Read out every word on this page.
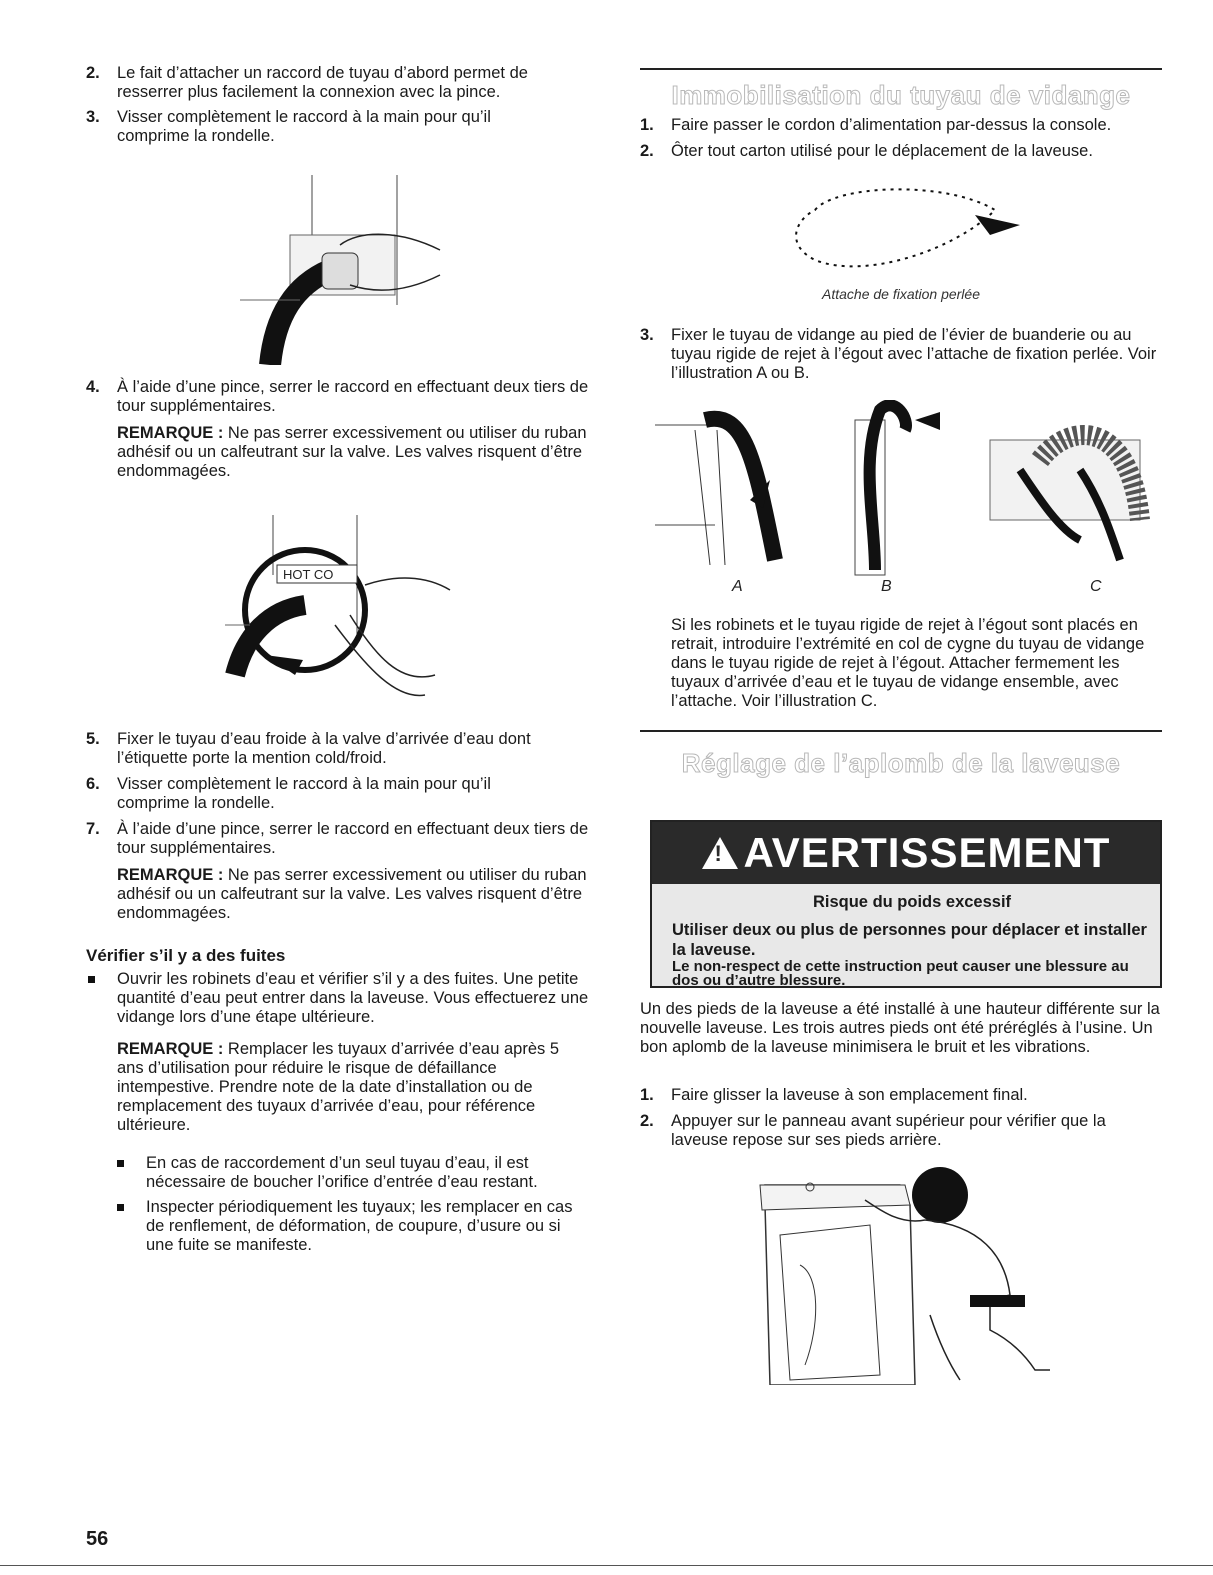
2. Le fait d’attacher un raccord de tuyau d’abord permet de resserrer plus facilement la connexion avec la pince.

3. Visser complètement le raccord à la main pour qu’il comprime la rondelle.

4. À l’aide d’une pince, serrer le raccord en effectuant deux tiers de tour supplémentaires.

REMARQUE : Ne pas serrer excessivement ou utiliser du ruban adhésif ou un calfeutrant sur la valve. Les valves risquent d’être endommagées.

HOT CO
5. Fixer le tuyau d’eau froide à la valve d’arrivée d’eau dont l’étiquette porte la mention cold/froid.

6. Visser complètement le raccord à la main pour qu’il comprime la rondelle.

7. À l’aide d’une pince, serrer le raccord en effectuant deux tiers de tour supplémentaires.

REMARQUE : Ne pas serrer excessivement ou utiliser du ruban adhésif ou un calfeutrant sur la valve. Les valves risquent d’être endommagées.

Vérifier s’il y a des fuites

Ouvrir les robinets d’eau et vérifier s’il y a des fuites. Une petite quantité d’eau peut entrer dans la laveuse. Vous effectuerez une vidange lors d’une étape ultérieure.

REMARQUE : Remplacer les tuyaux d’arrivée d’eau après 5 ans d’utilisation pour réduire le risque de défaillance intempestive. Prendre note de la date d’installation ou de remplacement des tuyaux d’arrivée d’eau, pour référence ultérieure.

En cas de raccordement d’un seul tuyau d’eau, il est nécessaire de boucher l’orifice d’entrée d’eau restant.

Inspecter périodiquement les tuyaux; les remplacer en cas de renflement, de déformation, de coupure, d’usure ou si une fuite se manifeste.

Immobilisation du tuyau de vidange
1. Faire passer le cordon d’alimentation par-dessus la console.

2. Ôter tout carton utilisé pour le déplacement de la laveuse.

Attache de fixation perlée

3. Fixer le tuyau de vidange au pied de l’évier de buanderie ou au tuyau rigide de rejet à l’égout avec l’attache de fixation perlée. Voir l’illustration A ou B.

A	B	C

Si les robinets et le tuyau rigide de rejet à l’égout sont placés en retrait, introduire l’extrémité en col de cygne du tuyau de vidange dans le tuyau rigide de rejet à l’égout. Attacher fermement les tuyaux d’arrivée d’eau et le tuyau de vidange ensemble, avec l’attache. Voir l’illustration C.

Réglage de l’aplomb de la laveuse
!AVERTISSEMENT

Risque du poids excessif

Utiliser deux ou plus de personnes pour déplacer et installer la laveuse.

Le non-respect de cette instruction peut causer une blessure au dos ou d’autre blessure.

Un des pieds de la laveuse a été installé à une hauteur différente sur la nouvelle laveuse. Les trois autres pieds ont été préréglés à l’usine. Un bon aplomb de la laveuse minimisera le bruit et les vibrations.

1. Faire glisser la laveuse à son emplacement final.

2. Appuyer sur le panneau avant supérieur pour vérifier que la laveuse repose sur ses pieds arrière.

56
